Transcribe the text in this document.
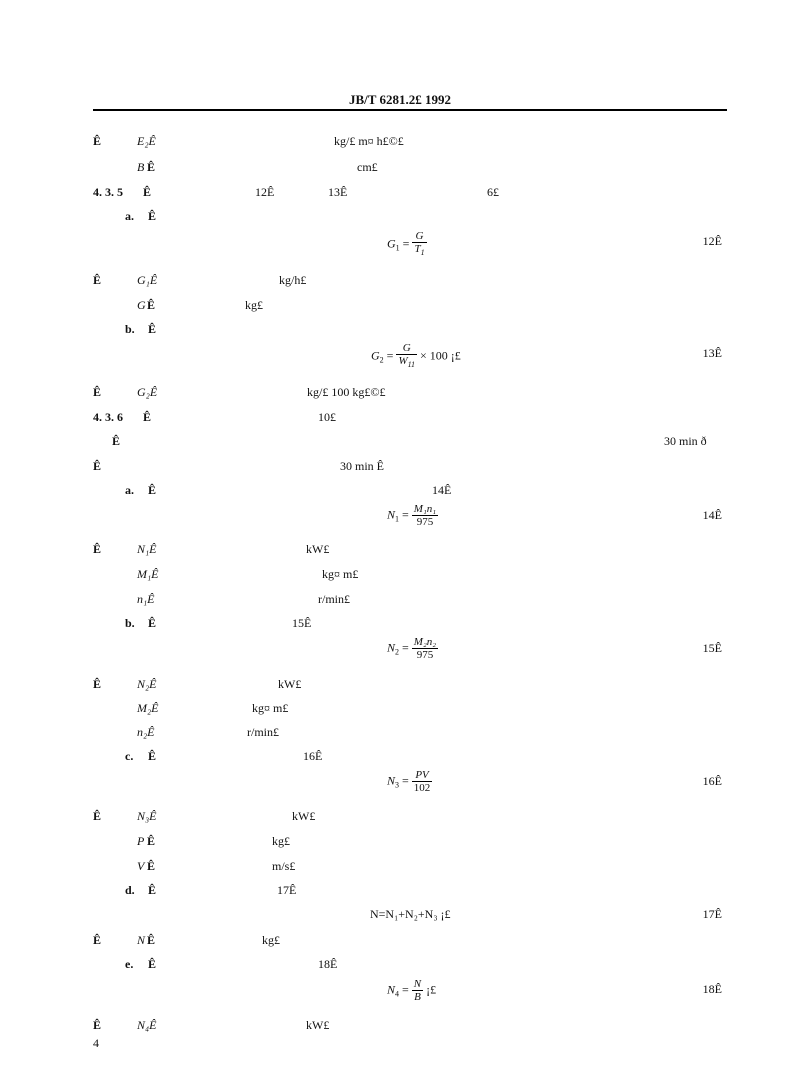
JB/T 6281.2£ 1992
Ê	E₂Ê	kg/£ m¤ h£©£
B Ê	cm£
4. 3. 5 Ê	12Ê	13Ê	6£
a. Ê
Ê	G₁Ê	kg/h£
G Ê	kg£
b. Ê
Ê	G₂Ê	kg/£ 100 kg£©£
4. 3. 6 Ê	10£
Ê	30 min ð
Ê	30 min Ê
a. Ê	14Ê
Ê	N₁Ê	kW£
M₁Ê	kg¤ m£
n₁Ê	r/min£
b. Ê	15Ê
Ê	N₂Ê	kW£
M₂Ê	kg¤ m£
n₂Ê	r/min£
c. Ê	16Ê
Ê	N₃Ê	kW£
P Ê	kg£
V Ê	m/s£
d. Ê	17Ê
Ê	N Ê	kg£
e. Ê	18Ê
Ê	N₄Ê	kW£
$G_1 = \frac{G}{T_1}$	12Ê
$G_2 = \frac{G}{W_{11}} \times 100$ ¡£	13Ê
$N_1 = \frac{\text{M₁n₁}}{975}$	14Ê
$N_2 = \frac{\text{M₂n₂}}{975}$	15Ê
$N_3 = \frac{PV}{102}$	16Ê
N=N₁+N₂+N₃ ¡£	17Ê
$N_4 = \frac{N}{B}$ ¡£	18Ê
4
